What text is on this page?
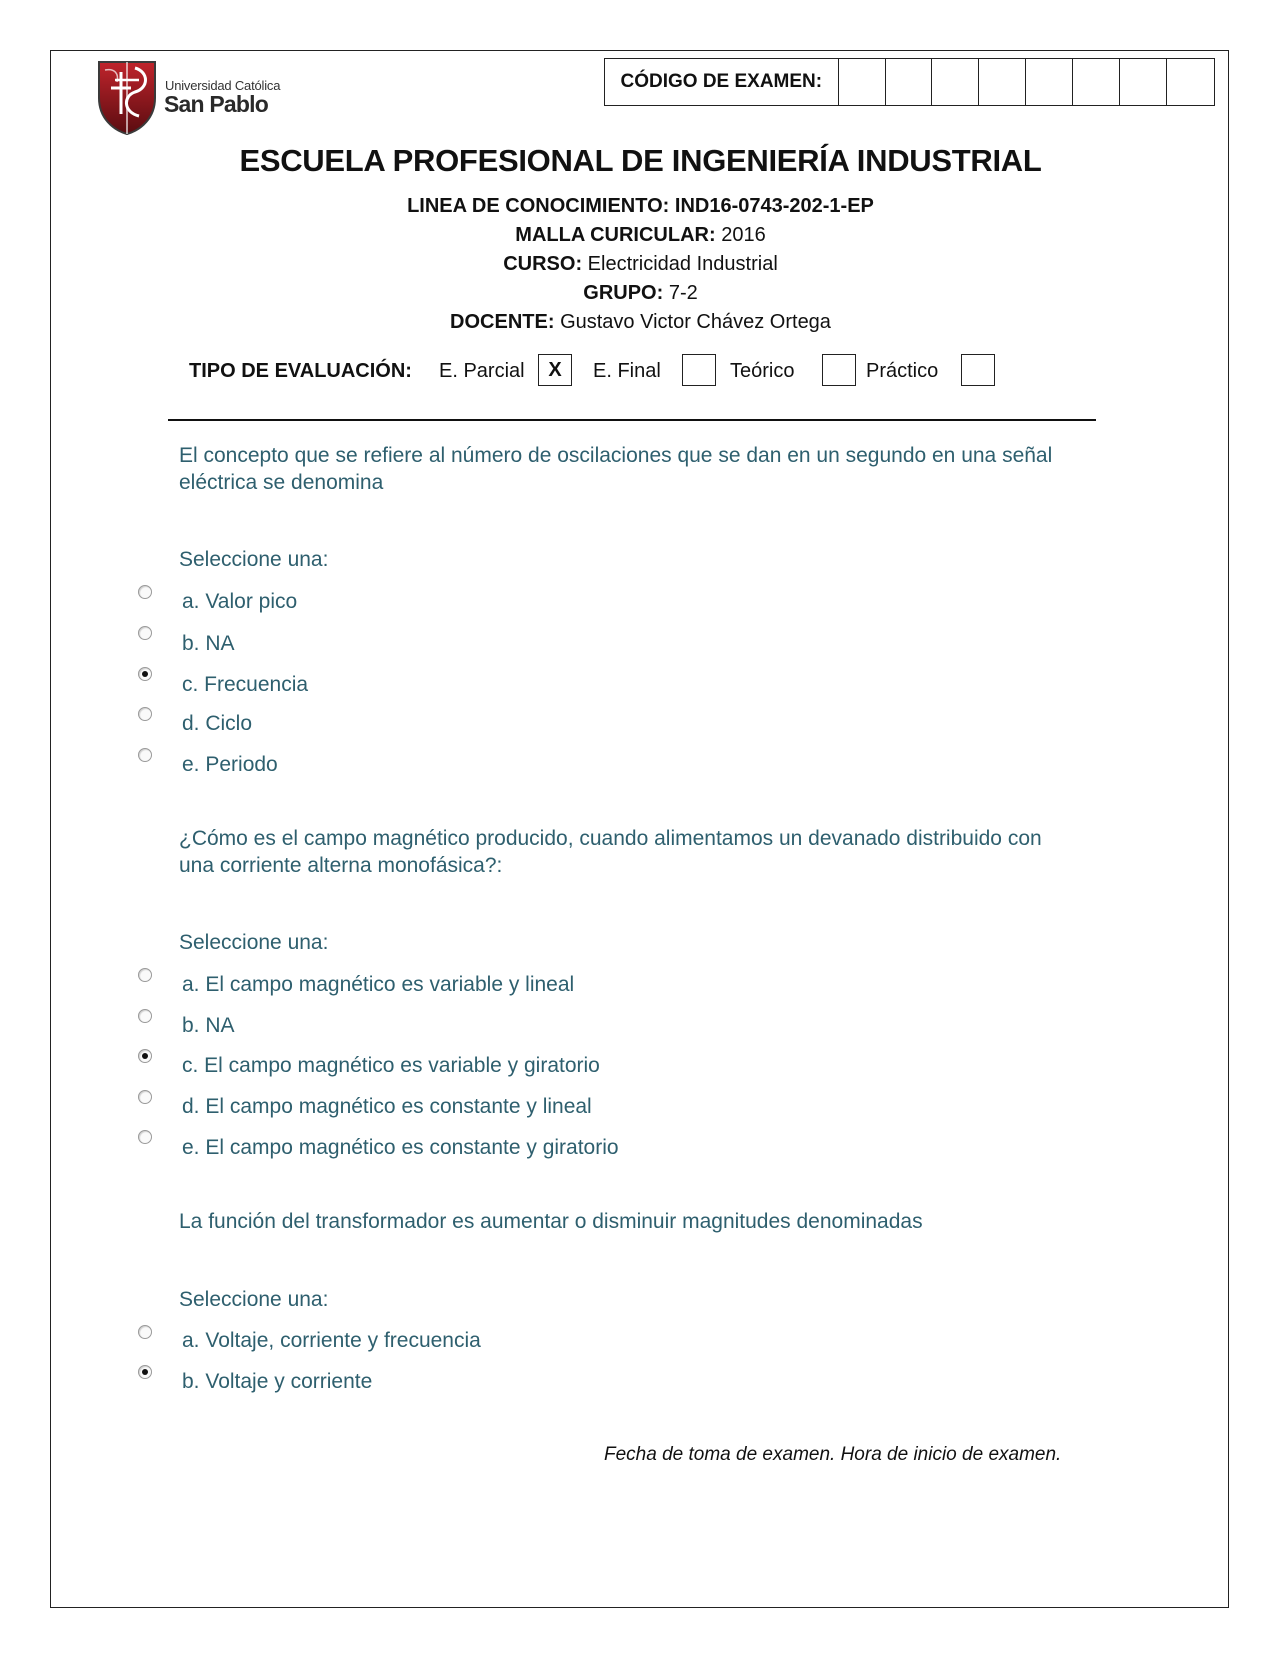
Universidad Católica
San Pablo
CÓDIGO DE EXAMEN:
ESCUELA PROFESIONAL DE INGENIERÍA INDUSTRIAL
LINEA DE CONOCIMIENTO: IND16-0743-202-1-EP
MALLA CURICULAR: 2016
CURSO: Electricidad Industrial
GRUPO: 7-2
DOCENTE: Gustavo Victor Chávez Ortega
TIPO DE EVALUACIÓN: E. Parcial X E. Final	Teórico	Práctico
El concepto que se refiere al número de oscilaciones que se dan en un segundo en una señal eléctrica se denomina
Seleccione una:
a. Valor pico
b. NA
c. Frecuencia
d. Ciclo
e. Periodo
¿Cómo es el campo magnético producido, cuando alimentamos un devanado distribuido con una corriente alterna monofásica?:
Seleccione una:
a. El campo magnético es variable y lineal
b. NA
c. El campo magnético es variable y giratorio
d. El campo magnético es constante y lineal
e. El campo magnético es constante y giratorio
La función del transformador es aumentar o disminuir magnitudes denominadas
Seleccione una:
a. Voltaje, corriente y frecuencia
b. Voltaje y corriente
Fecha de toma de examen. Hora de inicio de examen.
